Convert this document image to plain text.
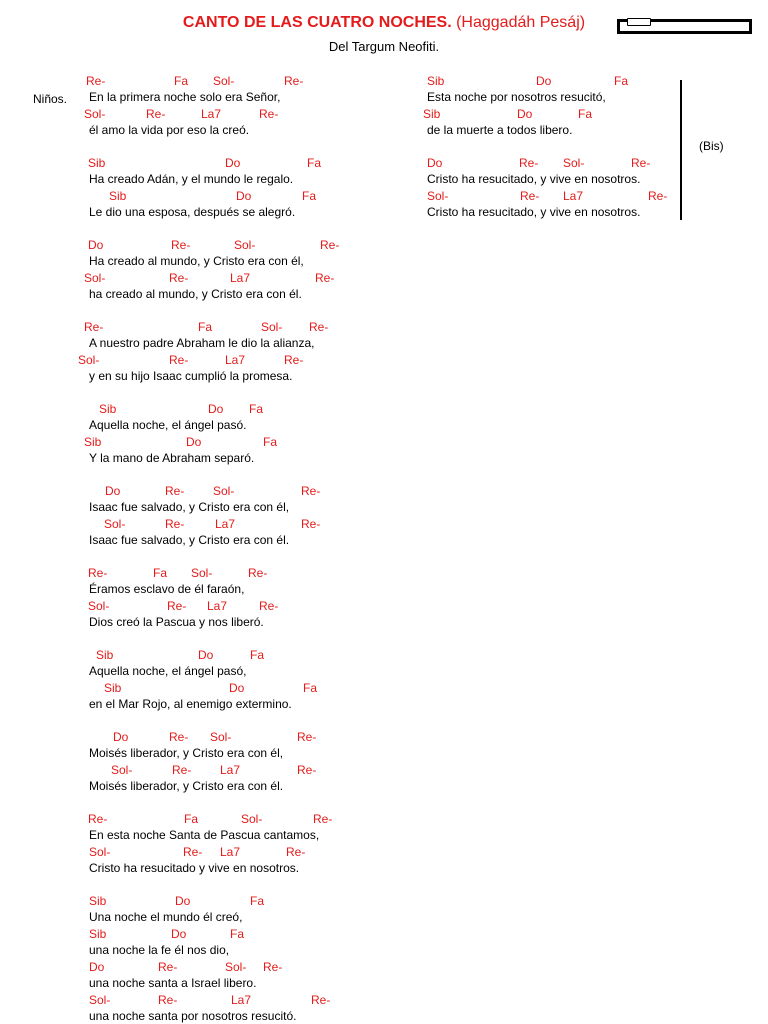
CANTO DE LAS CUATRO NOCHES. (Haggadáh Pesáj)
Del Targum Neofiti.
Niños.
Re-	Fa Sol-	Re-
En la primera noche solo era Señor,
Sol-	Re-	La7	Re-
él amo la vida por eso la creó.
Sib	Do	Fa
Ha creado Adán, y el mundo le regalo.
Sib	Do	Fa
Le dio una esposa, después se alegró.
Do	Re-	Sol-	Re-
Ha creado al mundo, y Cristo era con él,
Sol-	Re-	La7	Re-
ha creado al mundo, y Cristo era con él.
Re-	Fa	Sol- Re-
A nuestro padre Abraham le dio la alianza,
Sol-	Re-	La7	Re-
y en su hijo Isaac cumplió la promesa.
Sib	Do Fa
Aquella noche, el ángel pasó.
Sib	Do	Fa
Y la mano de Abraham separó.
Do	Re- Sol-	Re-
Isaac fue salvado, y Cristo era con él,
Sol-	Re-	La7	Re-
Isaac fue salvado, y Cristo era con él.
Re-	Fa Sol-	Re-
Éramos esclavo de él faraón,
Sol-	Re- La7	Re-
Dios creó la Pascua y nos liberó.
Sib	Do	Fa
Aquella noche, el ángel pasó,
Sib	Do	Fa
en el Mar Rojo, al enemigo extermino.
Do	Re- Sol-	Re-
Moisés liberador, y Cristo era con él,
Sol-	Re- La7	Re-
Moisés liberador, y Cristo era con él.
Re-	Fa	Sol-	Re-
En esta noche Santa de Pascua cantamos,
Sol-	Re- La7	Re-
Cristo ha resucitado y vive en nosotros.
Sib	Do	Fa
Una noche el mundo él creó,
Sib	Do	Fa
una noche la fe él nos dio,
Do	Re-	Sol- Re-
una noche santa a Israel libero.
Sol-	Re-	La7	Re-
una noche santa por nosotros resucitó.
Sib	Do	Fa
Esta noche por nosotros resucitó,
Sib	Do	Fa
de la muerte a todos libero.
Do	Re- Sol-	Re-
Cristo ha resucitado, y vive en nosotros.
Sol-	Re- La7	Re-
Cristo ha resucitado, y vive en nosotros.
(Bis)
